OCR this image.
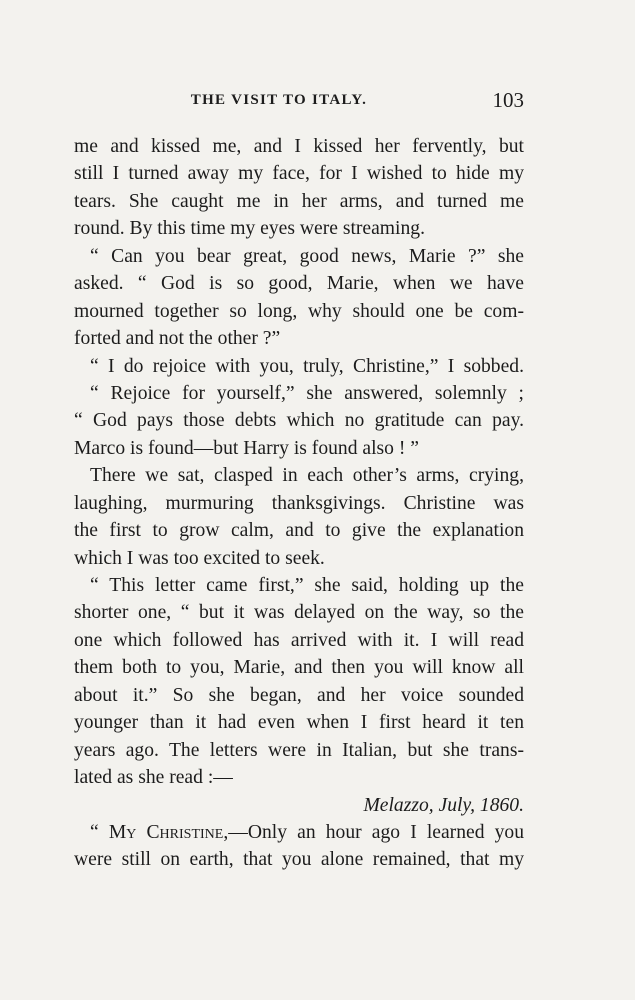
THE VISIT TO ITALY.	103
me and kissed me, and I kissed her fervently, but
still I turned away my face, for I wished to hide my
tears. She caught me in her arms, and turned me
round. By this time my eyes were streaming.
“ Can you bear great, good news, Marie ?” she
asked. “ God is so good, Marie, when we have
mourned together so long, why should one be com-
forted and not the other ?”
“ I do rejoice with you, truly, Christine,” I sobbed.
“ Rejoice for yourself,” she answered, solemnly ;
“ God pays those debts which no gratitude can pay.
Marco is found—but Harry is found also ! ”
There we sat, clasped in each other’s arms, crying,
laughing, murmuring thanksgivings. Christine was
the first to grow calm, and to give the explanation
which I was too excited to seek.
“ This letter came first,” she said, holding up the
shorter one, “ but it was delayed on the way, so the
one which followed has arrived with it. I will read
them both to you, Marie, and then you will know all
about it.” So she began, and her voice sounded
younger than it had even when I first heard it ten
years ago. The letters were in Italian, but she trans-
lated as she read :—
Melazzo, July, 1860.
“ My Christine,—Only an hour ago I learned you
were still on earth, that you alone remained, that my
